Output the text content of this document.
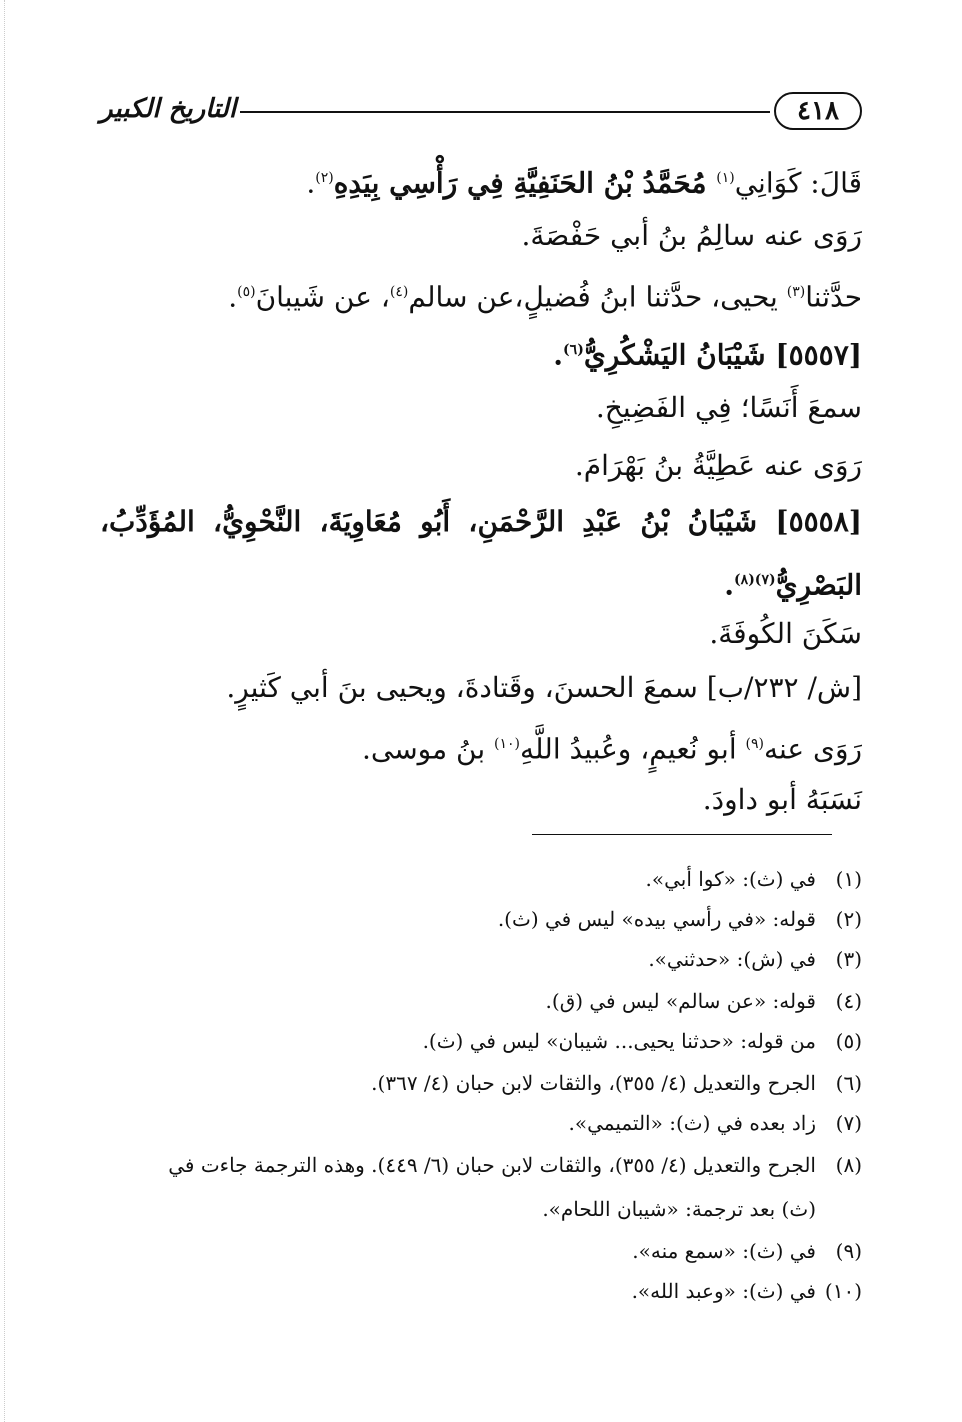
٤١٨
التاريخ الكبير
قَالَ: كَوَانِي$^{(١)}$ مُحَمَّدُ بْنُ الحَنَفِيَّةِ فِي رَأْسِي بِيَدِهِ$^{(٢)}$.
رَوَى عنه سالِمُ بنُ أبي حَفْصَةَ.
حدَّثنا$^{(٣)}$ يحيى، حدَّثنا ابنُ فُضيلٍ،عن سالم$^{(٤)}$، عن شَيبانَ$^{(٥)}$.
[٥٥٥٧] شَيْبَانُ اليَشْكُرِيُّ$^{(٦)}$.
سمعَ أَنَسًا؛ فِي الفَضِيخِ.
رَوَى عنه عَطِيَّةُ بنُ بَهْرَامَ.
[٥٥٥٨] شَيْبَانُ بْنُ عَبْدِ الرَّحْمَنِ، أَبُو مُعَاوِيَةَ، النَّحْوِيُّ، المُؤَدِّبُ،
البَصْرِيُّ$^{(٧)(٨)}$.
سَكَنَ الكُوفَةَ.
[ش/ ٢٣٢/ب] سمعَ الحسنَ، وقَتادةَ، ويحيى بنَ أبي كَثيرٍ.
رَوَى عنه$^{(٩)}$ أبو نُعيمٍ، وعُبيدُ اللَّهِ$^{(١٠)}$ بنُ موسى.
نَسَبَهُ أبو داودَ.
(١)في (ث): «كوا أبي».
(٢)قوله: «في رأسي بيده» ليس في (ث).
(٣)في (ش): «حدثني».
(٤)قوله: «عن سالم» ليس في (ق).
(٥)من قوله: «حدثنا يحيى... شيبان» ليس في (ث).
(٦)الجرح والتعديل (٤/ ٣٥٥)، والثقات لابن حبان (٤/ ٣٦٧).
(٧)زاد بعده في (ث): «التميمي».
(٨)الجرح والتعديل (٤/ ٣٥٥)، والثقات لابن حبان (٦/ ٤٤٩). وهذه الترجمة جاءت في
(ث) بعد ترجمة: «شيبان اللحام».
(٩)في (ث): «سمع منه».
(١٠)في (ث): «وعبد الله».
